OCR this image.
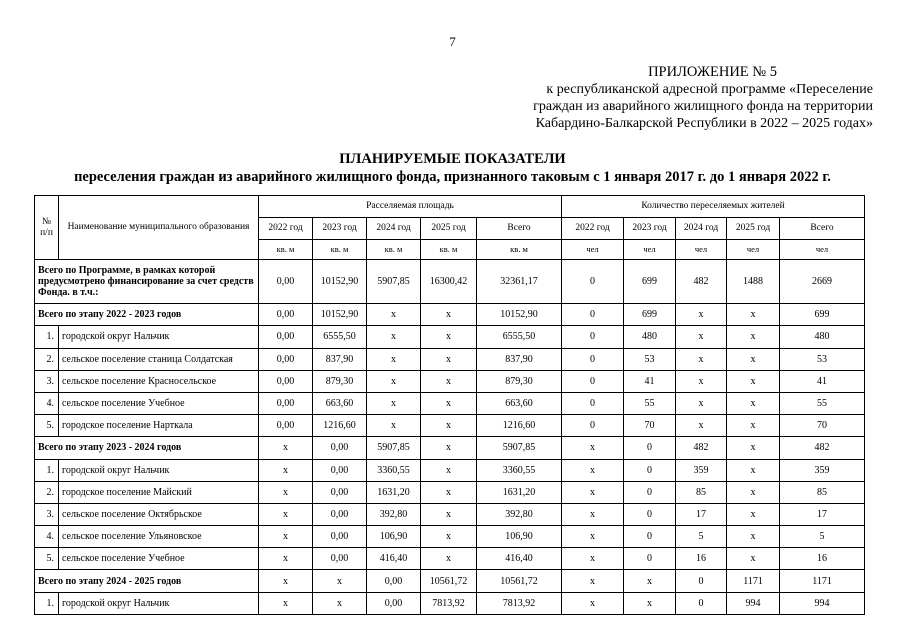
7
ПРИЛОЖЕНИЕ № 5
к республиканской адресной программе «Переселение
граждан из аварийного жилищного фонда на территории
Кабардино-Балкарской Республики в 2022 – 2025 годах»
ПЛАНИРУЕМЫЕ ПОКАЗАТЕЛИ
переселения граждан из аварийного жилищного фонда, признанного таковым с 1 января 2017 г. до 1 января 2022 г.
№ п/п	Наименование муниципального образования	Расселяемая площадь					Количество переселяемых жителей				
		2022 год	2023 год	2024 год	2025 год	Всего	2022 год	2023 год	2024 год	2025 год	Всего
		кв. м	кв. м	кв. м	кв. м	кв. м	чел	чел	чел	чел	чел
Всего по Программе, в рамках которой предусмотрено финансирование за счет средств Фонда. в т.ч.:		0,00	10152,90	5907,85	16300,42	32361,17	0	699	482	1488	2669
Всего по этапу 2022 - 2023 годов		0,00	10152,90	x	x	10152,90	0	699	x	x	699
1.	городской округ Нальчик	0,00	6555,50	x	x	6555,50	0	480	x	x	480
2.	сельское поселение станица Солдатская	0,00	837,90	x	x	837,90	0	53	x	x	53
3.	сельское поселение Красносельское	0,00	879,30	x	x	879,30	0	41	x	x	41
4.	сельское поселение Учебное	0,00	663,60	x	x	663,60	0	55	x	x	55
5.	городское поселение Нарткала	0,00	1216,60	x	x	1216,60	0	70	x	x	70
Всего по этапу 2023 - 2024 годов		x	0,00	5907,85	x	5907,85	x	0	482	x	482
1.	городской округ Нальчик	x	0,00	3360,55	x	3360,55	x	0	359	x	359
2.	городское поселение Майский	x	0,00	1631,20	x	1631,20	x	0	85	x	85
3.	сельское поселение Октябрьское	x	0,00	392,80	x	392,80	x	0	17	x	17
4.	сельское поселение Ульяновское	x	0,00	106,90	x	106,90	x	0	5	x	5
5.	сельское поселение Учебное	x	0,00	416,40	x	416,40	x	0	16	x	16
Всего по этапу 2024 - 2025 годов		x	x	0,00	10561,72	10561,72	x	x	0	1171	1171
1.	городской округ Нальчик	x	x	0,00	7813,92	7813,92	x	x	0	994	994
